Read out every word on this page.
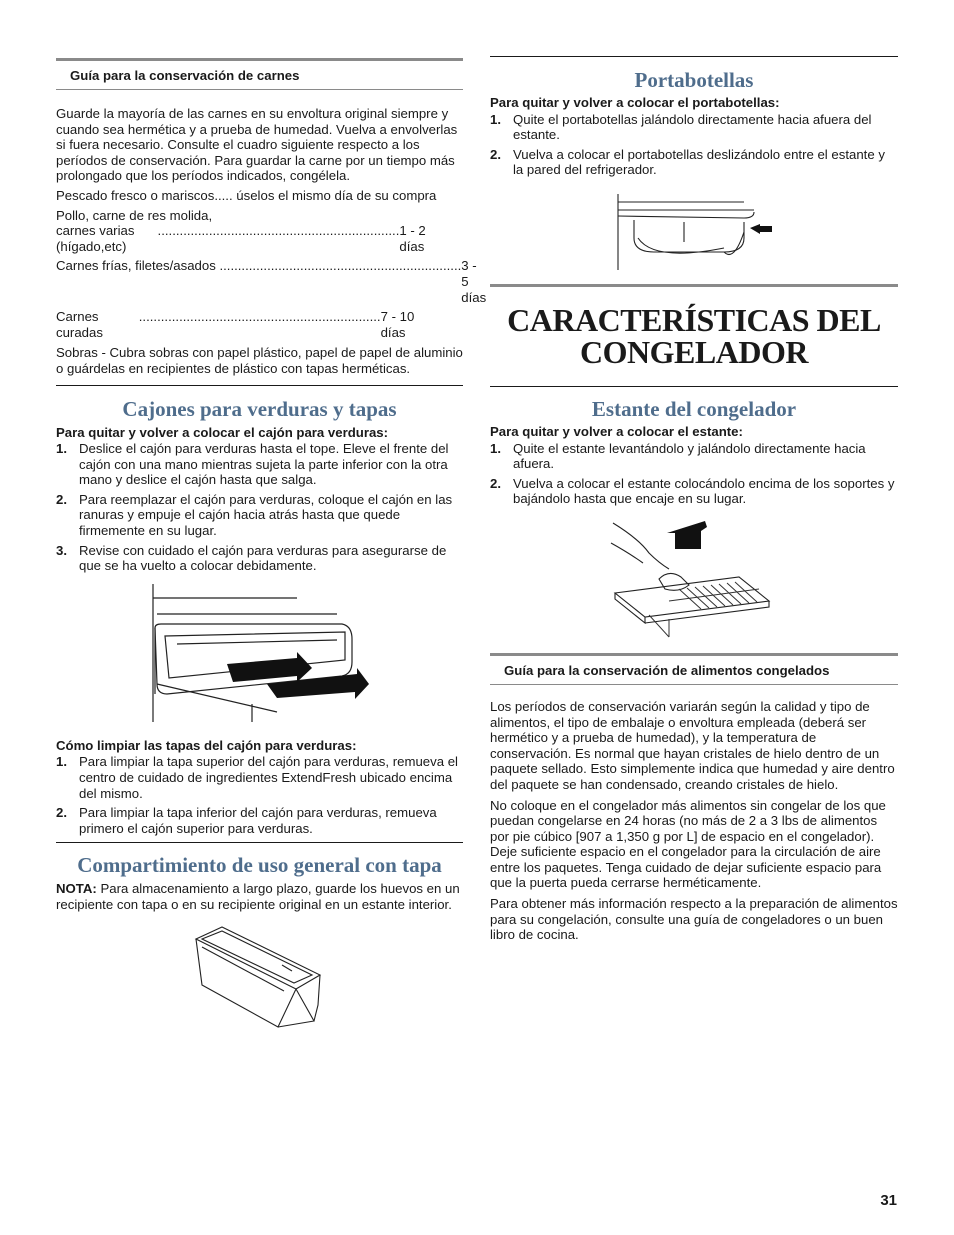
Guía para la conservación de carnes

Guarde la mayoría de las carnes en su envoltura original siempre y cuando sea hermética y a prueba de humedad. Vuelva a envolverlas si fuera necesario. Consulte el cuadro siguiente respecto a los períodos de conservación. Para guardar la carne por un tiempo más prolongado que los períodos indicados, congélela.

Pescado fresco o mariscos..... úselos el mismo día de su compra

Pollo, carne de res molida,

carnes varias (hígado,etc)

.................................................................. 1 - 2 días

Carnes frías, filetes/asados .................................................................. 3 - 5 días

Carnes curadas

.................................................................. 7 - 10 días

Sobras - Cubra sobras con papel plástico, papel de papel de aluminio o guárdelas en recipientes de plástico con tapas herméticas.

Cajones para verduras y tapas

Para quitar y volver a colocar el cajón para verduras:

1. Deslice el cajón para verduras hasta el tope. Eleve el frente del cajón con una mano mientras sujeta la parte inferior con la otra mano y deslice el cajón hasta que salga.
2. Para reemplazar el cajón para verduras, coloque el cajón en las ranuras y empuje el cajón hacia atrás hasta que quede firmemente en su lugar.
3. Revise con cuidado el cajón para verduras para asegurarse de que se ha vuelto a colocar debidamente.

Cómo limpiar las tapas del cajón para verduras:

1. Para limpiar la tapa superior del cajón para verduras, remueva el centro de cuidado de ingredientes ExtendFresh ubicado encima del mismo.
2. Para limpiar la tapa inferior del cajón para verduras, remueva primero el cajón superior para verduras.
Compartimiento de uso general con tapa

NOTA: Para almacenamiento a largo plazo, guarde los huevos en un recipiente con tapa o en su recipiente original en un estante interior.

Portabotellas

Para quitar y volver a colocar el portabotellas:

1. Quite el portabotellas jalándolo directamente hacia afuera del estante.
2. Vuelva a colocar el portabotellas deslizándolo entre el estante y la pared del refrigerador.
CARACTERÍSTICAS DEL CONGELADOR
Estante del congelador

Para quitar y volver a colocar el estante:

1. Quite el estante levantándolo y jalándolo directamente hacia afuera.
2. Vuelva a colocar el estante colocándolo encima de los soportes y bajándolo hasta que encaje en su lugar.
Guía para la conservación de alimentos congelados

Los períodos de conservación variarán según la calidad y tipo de alimentos, el tipo de embalaje o envoltura empleada (deberá ser hermético y a prueba de humedad), y la temperatura de conservación. Es normal que hayan cristales de hielo dentro de un paquete sellado. Esto simplemente indica que humedad y aire dentro del paquete se han condensado, creando cristales de hielo.

No coloque en el congelador más alimentos sin congelar de los que puedan congelarse en 24 horas (no más de 2 a 3 lbs de alimentos por pie cúbico [907 a 1,350 g por L] de espacio en el congelador). Deje suficiente espacio en el congelador para la circulación de aire entre los paquetes. Tenga cuidado de dejar suficiente espacio para que la puerta pueda cerrarse herméticamente.

Para obtener más información respecto a la preparación de alimentos para su congelación, consulte una guía de congeladores o un buen libro de cocina.

31
